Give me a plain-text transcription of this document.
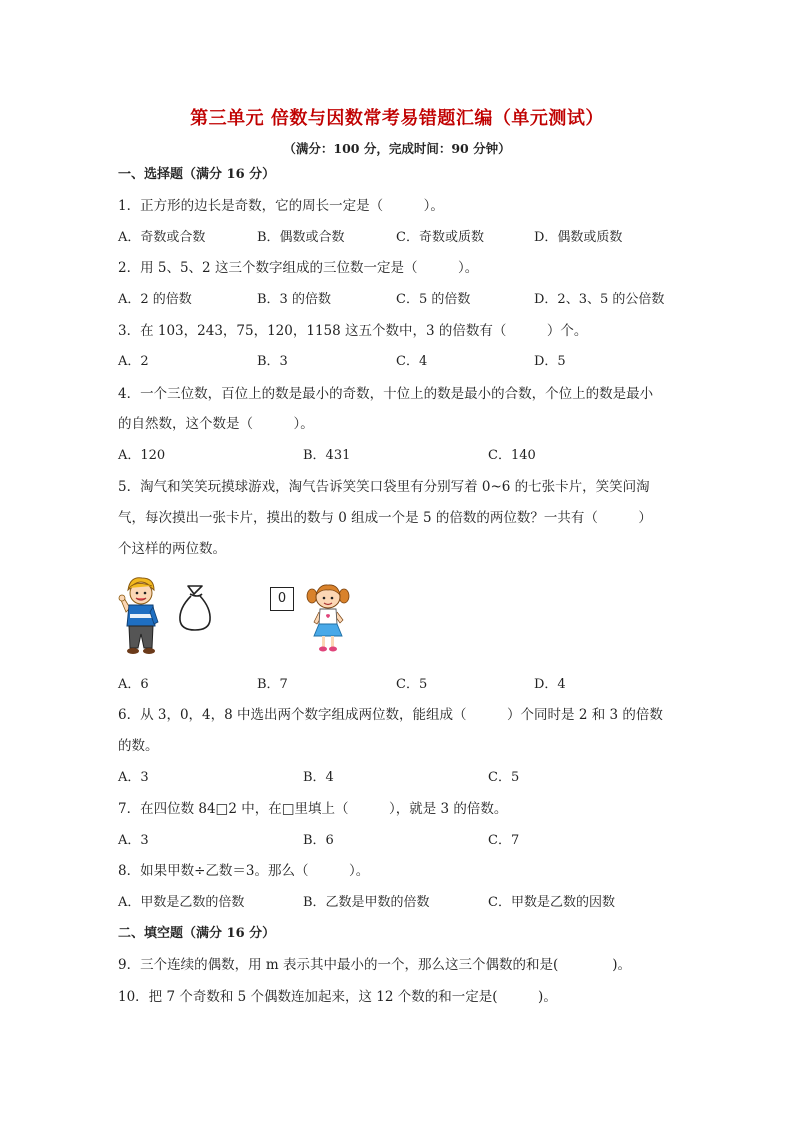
第三单元 倍数与因数常考易错题汇编（单元测试）
（满分：100 分，完成时间：90 分钟）
一、选择题（满分 16 分）
1．正方形的边长是奇数，它的周长一定是（　　　）。
A．奇数或合数	B．偶数或合数	C．奇数或质数	D．偶数或质数
2．用 5、5、2 这三个数字组成的三位数一定是（　　　）。
A．2 的倍数	B．3 的倍数	C．5 的倍数	D．2、3、5 的公倍数
3．在 103，243，75，120，1158 这五个数中，3 的倍数有（　　　）个。
A．2	B．3	C．4	D．5
4．一个三位数，百位上的数是最小的奇数，十位上的数是最小的合数，个位上的数是最小
的自然数，这个数是（　　　）。
A．120	B．431	C．140
5．淘气和笑笑玩摸球游戏，淘气告诉笑笑口袋里有分别写着 0~6 的七张卡片，笑笑问淘
气，每次摸出一张卡片，摸出的数与 0 组成一个是 5 的倍数的两位数？一共有（　　　）
个这样的两位数。
0
A．6	B．7	C．5	D．4
6．从 3，0，4，8 中选出两个数字组成两位数，能组成（　　　）个同时是 2 和 3 的倍数
的数。
A．3	B．4	C．5
7．在四位数 84□2 中，在□里填上（　　　），就是 3 的倍数。
A．3	B．6	C．7
8．如果甲数÷乙数＝3。那么（　　　）。
A．甲数是乙数的倍数	B．乙数是甲数的倍数	C．甲数是乙数的因数
二、填空题（满分 16 分）
9．三个连续的偶数，用 m 表示其中最小的一个，那么这三个偶数的和是(　　　　)。
10．把 7 个奇数和 5 个偶数连加起来，这 12 个数的和一定是(　　　)。
